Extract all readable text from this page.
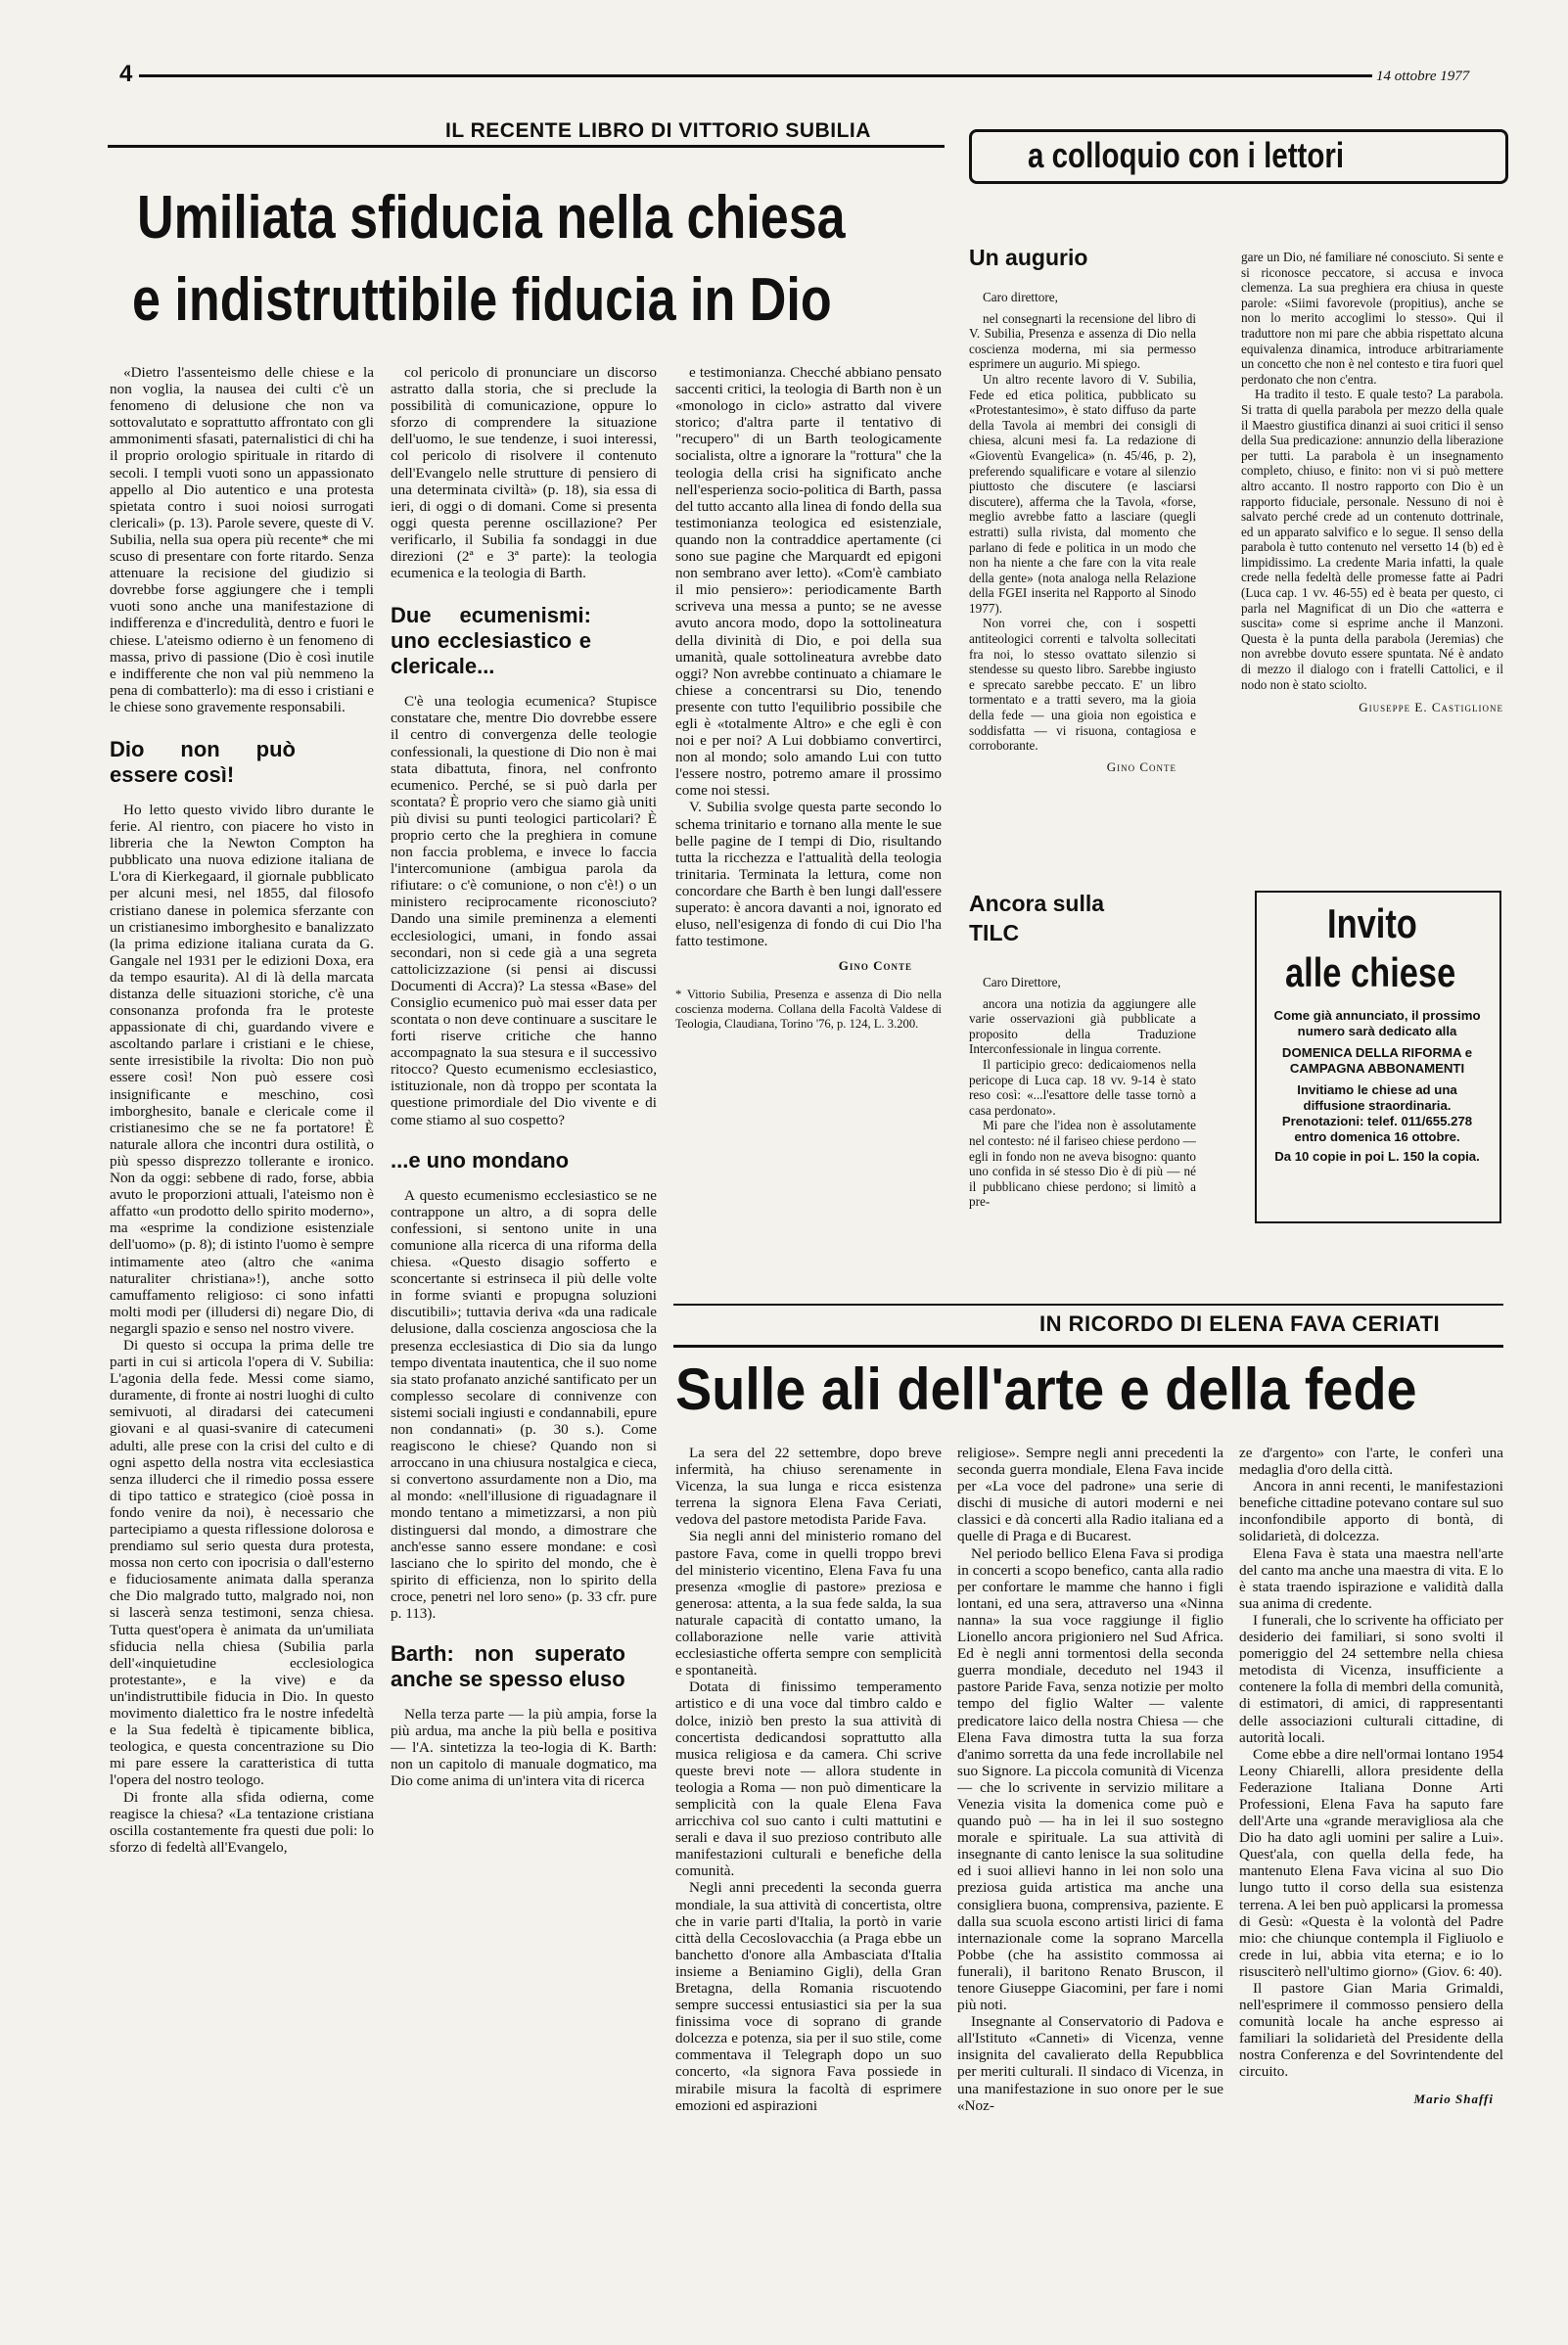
4	14 ottobre 1977
IL RECENTE LIBRO DI VITTORIO SUBILIA
Umiliata sfiducia nella chiesa
e indistruttibile fiducia in Dio

«Dietro l'assenteismo delle chiese e la non voglia, la nausea dei culti c'è un fenomeno di delusione che non va sottovalutato e soprattutto affrontato con gli ammonimenti sfasati, paternalistici di chi ha il proprio orologio spirituale in ritardo di secoli. I templi vuoti sono un appassionato appello al Dio autentico e una protesta spietata contro i suoi noiosi surrogati clericali» (p. 13). Parole severe, queste di V. Subilia, nella sua opera più recente* che mi scuso di presentare con forte ritardo. Senza attenuare la recisione del giudizio si dovrebbe forse aggiungere che i templi vuoti sono anche una manifestazione di indifferenza e d'incredulità, dentro e fuori le chiese. L'ateismo odierno è un fenomeno di massa, privo di passione (Dio è così inutile e indifferente che non val più nemmeno la pena di combatterlo): ma di esso i cristiani e le chiese sono gravemente responsabili.

Dio non può essere così!

Ho letto questo vivido libro durante le ferie. Al rientro, con piacere ho visto in libreria che la Newton Compton ha pubblicato una nuova edizione italiana de L'ora di Kierkegaard, il giornale pubblicato per alcuni mesi, nel 1855, dal filosofo cristiano danese in polemica sferzante con un cristianesimo imborghesito e banalizzato (la prima edizione italiana curata da G. Gangale nel 1931 per le edizioni Doxa, era da tempo esaurita). Al di là della marcata distanza delle situazioni storiche, c'è una consonanza profonda fra le proteste appassionate di chi, guardando vivere e ascoltando parlare i cristiani e le chiese, sente irresistibile la rivolta: Dio non può essere così! Non può essere così insignificante e meschino, così imborghesito, banale e clericale come il cristianesimo che se ne fa portatore! È naturale allora che incontri dura ostilità, o più spesso disprezzo tollerante e ironico. Non da oggi: sebbene di rado, forse, abbia avuto le proporzioni attuali, l'ateismo non è affatto «un prodotto dello spirito moderno», ma «esprime la condizione esistenziale dell'uomo» (p. 8); di istinto l'uomo è sempre intimamente ateo (altro che «anima naturaliter christiana»!), anche sotto camuffamento religioso: ci sono infatti molti modi per (illudersi di) negare Dio, di negargli spazio e senso nel nostro vivere.

Di questo si occupa la prima delle tre parti in cui si articola l'opera di V. Subilia: L'agonia della fede. Messi come siamo, duramente, di fronte ai nostri luoghi di culto semivuoti, al diradarsi dei catecumeni giovani e al quasi-svanire di catecumeni adulti, alle prese con la crisi del culto e di ogni aspetto della nostra vita ecclesiastica senza illuderci che il rimedio possa essere di tipo tattico e strategico (cioè possa in fondo venire da noi), è necessario che partecipiamo a questa riflessione dolorosa e prendiamo sul serio questa dura protesta, mossa non certo con ipocrisia o dall'esterno e fiduciosamente animata dalla speranza che Dio malgrado tutto, malgrado noi, non si lascerà senza testimoni, senza chiesa. Tutta quest'opera è animata da un'umiliata sfiducia nella chiesa (Subilia parla dell'«inquietudine ecclesiologica protestante», e la vive) e da un'indistruttibile fiducia in Dio. In questo movimento dialettico fra le nostre infedeltà e la Sua fedeltà è tipicamente biblica, teologica, e questa concentrazione su Dio mi pare essere la caratteristica di tutta l'opera del nostro teologo.

Di fronte alla sfida odierna, come reagisce la chiesa? «La tentazione cristiana oscilla costantemente fra questi due poli: lo sforzo di fedeltà all'Evangelo,

col pericolo di pronunciare un discorso astratto dalla storia, che si preclude la possibilità di comunicazione, oppure lo sforzo di comprendere la situazione dell'uomo, le sue tendenze, i suoi interessi, col pericolo di risolvere il contenuto dell'Evangelo nelle strutture di pensiero di una determinata civiltà» (p. 18), sia essa di ieri, di oggi o di domani. Come si presenta oggi questa perenne oscillazione? Per verificarlo, il Subilia fa sondaggi in due direzioni (2ª e 3ª parte): la teologia ecumenica e la teologia di Barth.

Due ecumenismi: uno ecclesiastico e clericale...

C'è una teologia ecumenica? Stupisce constatare che, mentre Dio dovrebbe essere il centro di convergenza delle teologie confessionali, la questione di Dio non è mai stata dibattuta, finora, nel confronto ecumenico. Perché, se si può darla per scontata? È proprio vero che siamo già uniti più divisi su punti teologici particolari? È proprio certo che la preghiera in comune non faccia problema, e invece lo faccia l'intercomunione (ambigua parola da rifiutare: o c'è comunione, o non c'è!) o un ministero reciprocamente riconosciuto? Dando una simile preminenza a elementi ecclesiologici, umani, in fondo assai secondari, non si cede già a una segreta cattolicizzazione (si pensi ai discussi Documenti di Accra)? La stessa «Base» del Consiglio ecumenico può mai esser data per scontata o non deve continuare a suscitare le forti riserve critiche che hanno accompagnato la sua stesura e il successivo ritocco? Questo ecumenismo ecclesiastico, istituzionale, non dà troppo per scontata la questione primordiale del Dio vivente e di come stiamo al suo cospetto?

...e uno mondano

A questo ecumenismo ecclesiastico se ne contrappone un altro, a di sopra delle confessioni, si sentono unite in una comunione alla ricerca di una riforma della chiesa. «Questo disagio sofferto e sconcertante si estrinseca il più delle volte in forme svianti e propugna soluzioni discutibili»; tuttavia deriva «da una radicale delusione, dalla coscienza angosciosa che la presenza ecclesiastica di Dio sia da lungo tempo diventata inautentica, che il suo nome sia stato profanato anziché santificato per un complesso secolare di connivenze con sistemi sociali ingiusti e condannabili, epure non condannati» (p. 30 s.). Come reagiscono le chiese? Quando non si arroccano in una chiusura nostalgica e cieca, si convertono assurdamente non a Dio, ma al mondo: «nell'illusione di riguadagnare il mondo tentano a mimetizzarsi, a non più distinguersi dal mondo, a dimostrare che anch'esse sanno essere mondane: e così lasciano che lo spirito del mondo, che è spirito di efficienza, non lo spirito della croce, penetri nel loro seno» (p. 33 cfr. pure p. 113).

Barth: non superato anche se spesso eluso

Nella terza parte — la più ampia, forse la più ardua, ma anche la più bella e positiva — l'A. sintetizza la teo-logia di K. Barth: non un capitolo di manuale dogmatico, ma Dio come anima di un'intera vita di ricerca

e testimonianza. Checché abbiano pensato saccenti critici, la teologia di Barth non è un «monologo in ciclo» astratto dal vivere storico; d'altra parte il tentativo di "recupero" di un Barth teologicamente socialista, oltre a ignorare la "rottura" che la teologia della crisi ha significato anche nell'esperienza socio-politica di Barth, passa del tutto accanto alla linea di fondo della sua testimonianza teologica ed esistenziale, quando non la contraddice apertamente (ci sono sue pagine che Marquardt ed epigoni non sembrano aver letto). «Com'è cambiato il mio pensiero»: periodicamente Barth scriveva una messa a punto; se ne avesse avuto ancora modo, dopo la sottolineatura della divinità di Dio, e poi della sua umanità, quale sottolineatura avrebbe dato oggi? Non avrebbe continuato a chiamare le chiese a concentrarsi su Dio, tenendo presente con tutto l'equilibrio possibile che egli è «totalmente Altro» e che egli è con noi e per noi? A Lui dobbiamo convertirci, non al mondo; solo amando Lui con tutto l'essere nostro, potremo amare il prossimo come noi stessi.

V. Subilia svolge questa parte secondo lo schema trinitario e tornano alla mente le sue belle pagine de I tempi di Dio, risultando tutta la ricchezza e l'attualità della teologia trinitaria. Terminata la lettura, come non concordare che Barth è ben lungi dall'essere superato: è ancora davanti a noi, ignorato ed eluso, nell'esigenza di fondo di cui Dio l'ha fatto testimone.

Gino Conte
* Vittorio Subilia, Presenza e assenza di Dio nella coscienza moderna. Collana della Facoltà Valdese di Teologia, Claudiana, Torino '76, p. 124, L. 3.200.
a colloquio con i lettori
Un augurio

Caro direttore,

nel consegnarti la recensione del libro di V. Subilia, Presenza e assenza di Dio nella coscienza moderna, mi sia permesso esprimere un augurio. Mi spiego.

Un altro recente lavoro di V. Subilia, Fede ed etica politica, pubblicato su «Protestantesimo», è stato diffuso da parte della Tavola ai membri dei consigli di chiesa, alcuni mesi fa. La redazione di «Gioventù Evangelica» (n. 45/46, p. 2), preferendo squalificare e votare al silenzio piuttosto che discutere (e lasciarsi discutere), afferma che la Tavola, «forse, meglio avrebbe fatto a lasciare (quegli estratti) sulla rivista, dal momento che parlano di fede e politica in un modo che non ha niente a che fare con la vita reale della gente» (nota analoga nella Relazione della FGEI inserita nel Rapporto al Sinodo 1977).

Non vorrei che, con i sospetti antiteologici correnti e talvolta sollecitati fra noi, lo stesso ovattato silenzio si stendesse su questo libro. Sarebbe ingiusto e sprecato sarebbe peccato. E' un libro tormentato e a tratti severo, ma la gioia della fede — una gioia non egoistica e soddisfatta — vi risuona, contagiosa e corroborante.

Gino Conte
Ancora sulla TILC

Caro Direttore,

ancora una notizia da aggiungere alle varie osservazioni già pubblicate a proposito della Traduzione Interconfessionale in lingua corrente.

Il participio greco: dedicaiomenos nella pericope di Luca cap. 18 vv. 9-14 è stato reso così: «...l'esattore delle tasse tornò a casa perdonato».

Mi pare che l'idea non è assolutamente nel contesto: né il fariseo chiese perdono — egli in fondo non ne aveva bisogno: quanto uno confida in sé stesso Dio è di più — né il pubblicano chiese perdono; si limitò a pre-

gare un Dio, né familiare né conosciuto. Si sente e si riconosce peccatore, si accusa e invoca clemenza. La sua preghiera era chiusa in queste parole: «Siimi favorevole (propitius), anche se non lo merito accoglimi lo stesso». Qui il traduttore non mi pare che abbia rispettato alcuna equivalenza dinamica, introduce arbitrariamente un concetto che non è nel contesto e tira fuori quel perdonato che non c'entra.

Ha tradito il testo. E quale testo? La parabola. Si tratta di quella parabola per mezzo della quale il Maestro giustifica dinanzi ai suoi critici il senso della Sua predicazione: annunzio della liberazione per tutti. La parabola è un insegnamento completo, chiuso, e finito: non vi si può mettere altro accanto. Il nostro rapporto con Dio è un rapporto fiduciale, personale. Nessuno di noi è salvato perché crede ad un contenuto dottrinale, ed un apparato salvifico e lo segue. Il senso della parabola è tutto contenuto nel versetto 14 (b) ed è limpidissimo. La credente Maria infatti, la quale crede nella fedeltà delle promesse fatte ai Padri (Luca cap. 1 vv. 46-55) ed è beata per questo, ci parla nel Magnificat di un Dio che «atterra e suscita» come si esprime anche il Manzoni. Questa è la punta della parabola (Jeremias) che non avrebbe dovuto essere spuntata. Né è andato di mezzo il dialogo con i fratelli Cattolici, e il nodo non è stato sciolto.

Giuseppe E. Castiglione
Invito
alle chiese
Come già annunciato, il prossimo numero sarà dedicato alla
DOMENICA DELLA RIFORMA e CAMPAGNA ABBONAMENTI
Invitiamo le chiese ad una diffusione straordinaria. Prenotazioni: telef. 011/655.278 entro domenica 16 ottobre.
Da 10 copie in poi L. 150 la copia.
IN RICORDO DI ELENA FAVA CERIATI
Sulle ali dell'arte e della fede

La sera del 22 settembre, dopo breve infermità, ha chiuso serenamente in Vicenza, la sua lunga e ricca esistenza terrena la signora Elena Fava Ceriati, vedova del pastore metodista Paride Fava.

Sia negli anni del ministerio romano del pastore Fava, come in quelli troppo brevi del ministerio vicentino, Elena Fava fu una presenza «moglie di pastore» preziosa e generosa: attenta, a la sua fede salda, la sua naturale capacità di contatto umano, la collaborazione nelle varie attività ecclesiastiche offerta sempre con semplicità e spontaneità.

Dotata di finissimo temperamento artistico e di una voce dal timbro caldo e dolce, iniziò ben presto la sua attività di concertista dedicandosi soprattutto alla musica religiosa e da camera. Chi scrive queste brevi note — allora studente in teologia a Roma — non può dimenticare la semplicità con la quale Elena Fava arricchiva col suo canto i culti mattutini e serali e dava il suo prezioso contributo alle manifestazioni culturali e benefiche della comunità.

Negli anni precedenti la seconda guerra mondiale, la sua attività di concertista, oltre che in varie parti d'Italia, la portò in varie città della Cecoslovacchia (a Praga ebbe un banchetto d'onore alla Ambasciata d'Italia insieme a Beniamino Gigli), della Gran Bretagna, della Romania riscuotendo sempre successi entusiastici sia per la sua finissima voce di soprano di grande dolcezza e potenza, sia per il suo stile, come commentava il Telegraph dopo un suo concerto, «la signora Fava possiede in mirabile misura la facoltà di esprimere emozioni ed aspirazioni

religiose». Sempre negli anni precedenti la seconda guerra mondiale, Elena Fava incide per «La voce del padrone» una serie di dischi di musiche di autori moderni e nei classici e dà concerti alla Radio italiana ed a quelle di Praga e di Bucarest.

Nel periodo bellico Elena Fava si prodiga in concerti a scopo benefico, canta alla radio per confortare le mamme che hanno i figli lontani, ed una sera, attraverso una «Ninna nanna» la sua voce raggiunge il figlio Lionello ancora prigioniero nel Sud Africa. Ed è negli anni tormentosi della seconda guerra mondiale, deceduto nel 1943 il pastore Paride Fava, senza notizie per molto tempo del figlio Walter — valente predicatore laico della nostra Chiesa — che Elena Fava dimostra tutta la sua forza d'animo sorretta da una fede incrollabile nel suo Signore. La piccola comunità di Vicenza — che lo scrivente in servizio militare a Venezia visita la domenica come può e quando può — ha in lei il suo sostegno morale e spirituale. La sua attività di insegnante di canto lenisce la sua solitudine ed i suoi allievi hanno in lei non solo una preziosa guida artistica ma anche una consigliera buona, comprensiva, paziente. E dalla sua scuola escono artisti lirici di fama internazionale come la soprano Marcella Pobbe (che ha assistito commossa ai funerali), il baritono Renato Bruscon, il tenore Giuseppe Giacomini, per fare i nomi più noti.

Insegnante al Conservatorio di Padova e all'Istituto «Canneti» di Vicenza, venne insignita del cavalierato della Repubblica per meriti culturali. Il sindaco di Vicenza, in una manifestazione in suo onore per le sue «Noz-

ze d'argento» con l'arte, le conferì una medaglia d'oro della città.

Ancora in anni recenti, le manifestazioni benefiche cittadine potevano contare sul suo inconfondibile apporto di bontà, di solidarietà, di dolcezza.

Elena Fava è stata una maestra nell'arte del canto ma anche una maestra di vita. E lo è stata traendo ispirazione e validità dalla sua anima di credente.

I funerali, che lo scrivente ha officiato per desiderio dei familiari, si sono svolti il pomeriggio del 24 settembre nella chiesa metodista di Vicenza, insufficiente a contenere la folla di membri della comunità, di estimatori, di amici, di rappresentanti delle associazioni culturali cittadine, di autorità locali.

Come ebbe a dire nell'ormai lontano 1954 Leony Chiarelli, allora presidente della Federazione Italiana Donne Arti Professioni, Elena Fava ha saputo fare dell'Arte una «grande meravigliosa ala che Dio ha dato agli uomini per salire a Lui». Quest'ala, con quella della fede, ha mantenuto Elena Fava vicina al suo Dio lungo tutto il corso della sua esistenza terrena. A lei ben può applicarsi la promessa di Gesù: «Questa è la volontà del Padre mio: che chiunque contempla il Figliuolo e crede in lui, abbia vita eterna; e io lo risusciterò nell'ultimo giorno» (Giov. 6: 40).

Il pastore Gian Maria Grimaldi, nell'esprimere il commosso pensiero della comunità locale ha anche espresso ai familiari la solidarietà del Presidente della nostra Conferenza e del Sovrintendente del circuito.

Mario Shaffi
